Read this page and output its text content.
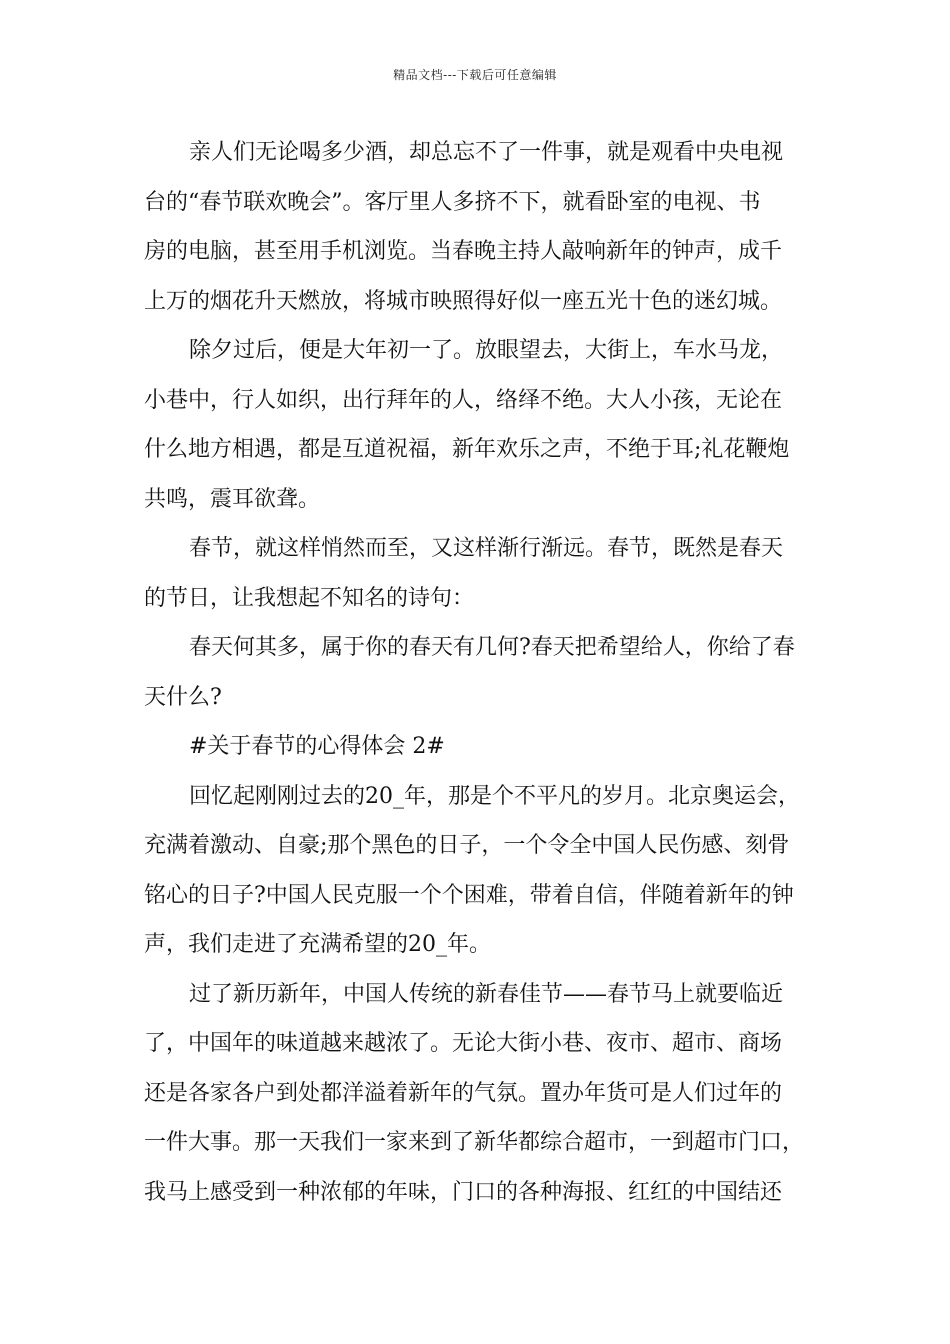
精品文档---下载后可任意编辑
亲人们无论喝多少酒，却总忘不了一件事，就是观看中央电视
台的“春节联欢晚会”。客厅里人多挤不下，就看卧室的电视、书
房的电脑，甚至用手机浏览。当春晚主持人敲响新年的钟声，成千
上万的烟花升天燃放，将城市映照得好似一座五光十色的迷幻城。
除夕过后，便是大年初一了。放眼望去，大街上，车水马龙，
小巷中，行人如织，出行拜年的人，络绎不绝。大人小孩，无论在
什么地方相遇，都是互道祝福，新年欢乐之声，不绝于耳;礼花鞭炮
共鸣，震耳欲聋。
春节，就这样悄然而至，又这样渐行渐远。春节，既然是春天
的节日，让我想起不知名的诗句：
春天何其多，属于你的春天有几何?春天把希望给人，你给了春
天什么?
#关于春节的心得体会 2#
回忆起刚刚过去的20_年，那是个不平凡的岁月。北京奥运会，
充满着激动、自豪;那个黑色的日子，一个令全中国人民伤感、刻骨
铭心的日子?中国人民克服一个个困难，带着自信，伴随着新年的钟
声，我们走进了充满希望的20_年。
过了新历新年，中国人传统的新春佳节——春节马上就要临近
了，中国年的味道越来越浓了。无论大街小巷、夜市、超市、商场
还是各家各户到处都洋溢着新年的气氛。置办年货可是人们过年的
一件大事。那一天我们一家来到了新华都综合超市，一到超市门口，
我马上感受到一种浓郁的年味，门口的各种海报、红红的中国结还
